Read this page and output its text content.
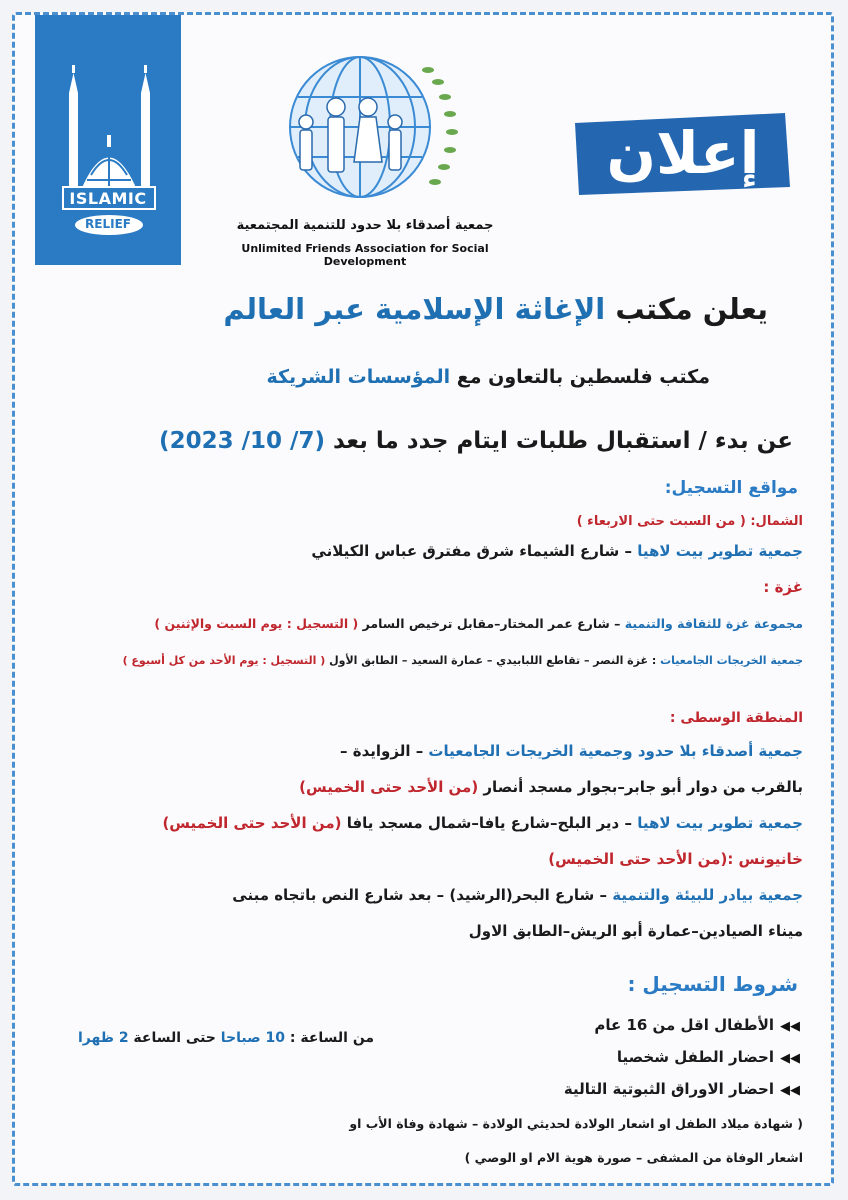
ISLAMIC
RELIEF	جمعية أصدقاء بلا حدود للتنمية المجتمعية
Unlimited Friends Association for Social Development
إعلان
يعلن مكتب الإغاثة الإسلامية عبر العالم
مكتب فلسطين بالتعاون مع المؤسسات الشريكة
عن بدء / استقبال طلبات ايتام جدد ما بعد (7/ 10/ 2023)
مواقع التسجيل:
الشمال: ( من السبت حتى الاربعاء )
جمعية تطوير بيت لاهيا – شارع الشيماء شرق مفترق عباس الكيلاني
غزة :
مجموعة غزة للثقافة والتنمية – شارع عمر المختار–مقابل ترخيص السامر ( التسجيل : يوم السبت والإثنين )
جمعية الخريجات الجامعيات : غزة النصر – تقاطع اللبابيدي – عمارة السعيد – الطابق الأول ( التسجيل : يوم الأحد من كل أسبوع )
المنطقة الوسطى :
جمعية أصدقاء بلا حدود وجمعية الخريجات الجامعيات – الزوايدة –
بالقرب من دوار أبو جابر–بجوار مسجد أنصار (من الأحد حتى الخميس)
جمعية تطوير بيت لاهيا – دير البلح–شارع يافا–شمال مسجد يافا (من الأحد حتى الخميس)
خانيونس :(من الأحد حتى الخميس)
جمعية بيادر للبيئة والتنمية – شارع البحر(الرشيد) – بعد شارع النص باتجاه مبنى
ميناء الصيادين–عمارة أبو الريش–الطابق الاول
شروط التسجيل :
◀◀الأطفال اقل من 16 عام
◀◀احضار الطفل شخصيا
◀◀احضار الاوراق الثبوتية التالية
من الساعة : 10 صباحا حتى الساعة 2 ظهرا
( شهادة ميلاد الطفل او اشعار الولادة لحديثي الولادة – شهادة وفاة الأب او
اشعار الوفاة من المشفى – صورة هوية الام او الوصي )
